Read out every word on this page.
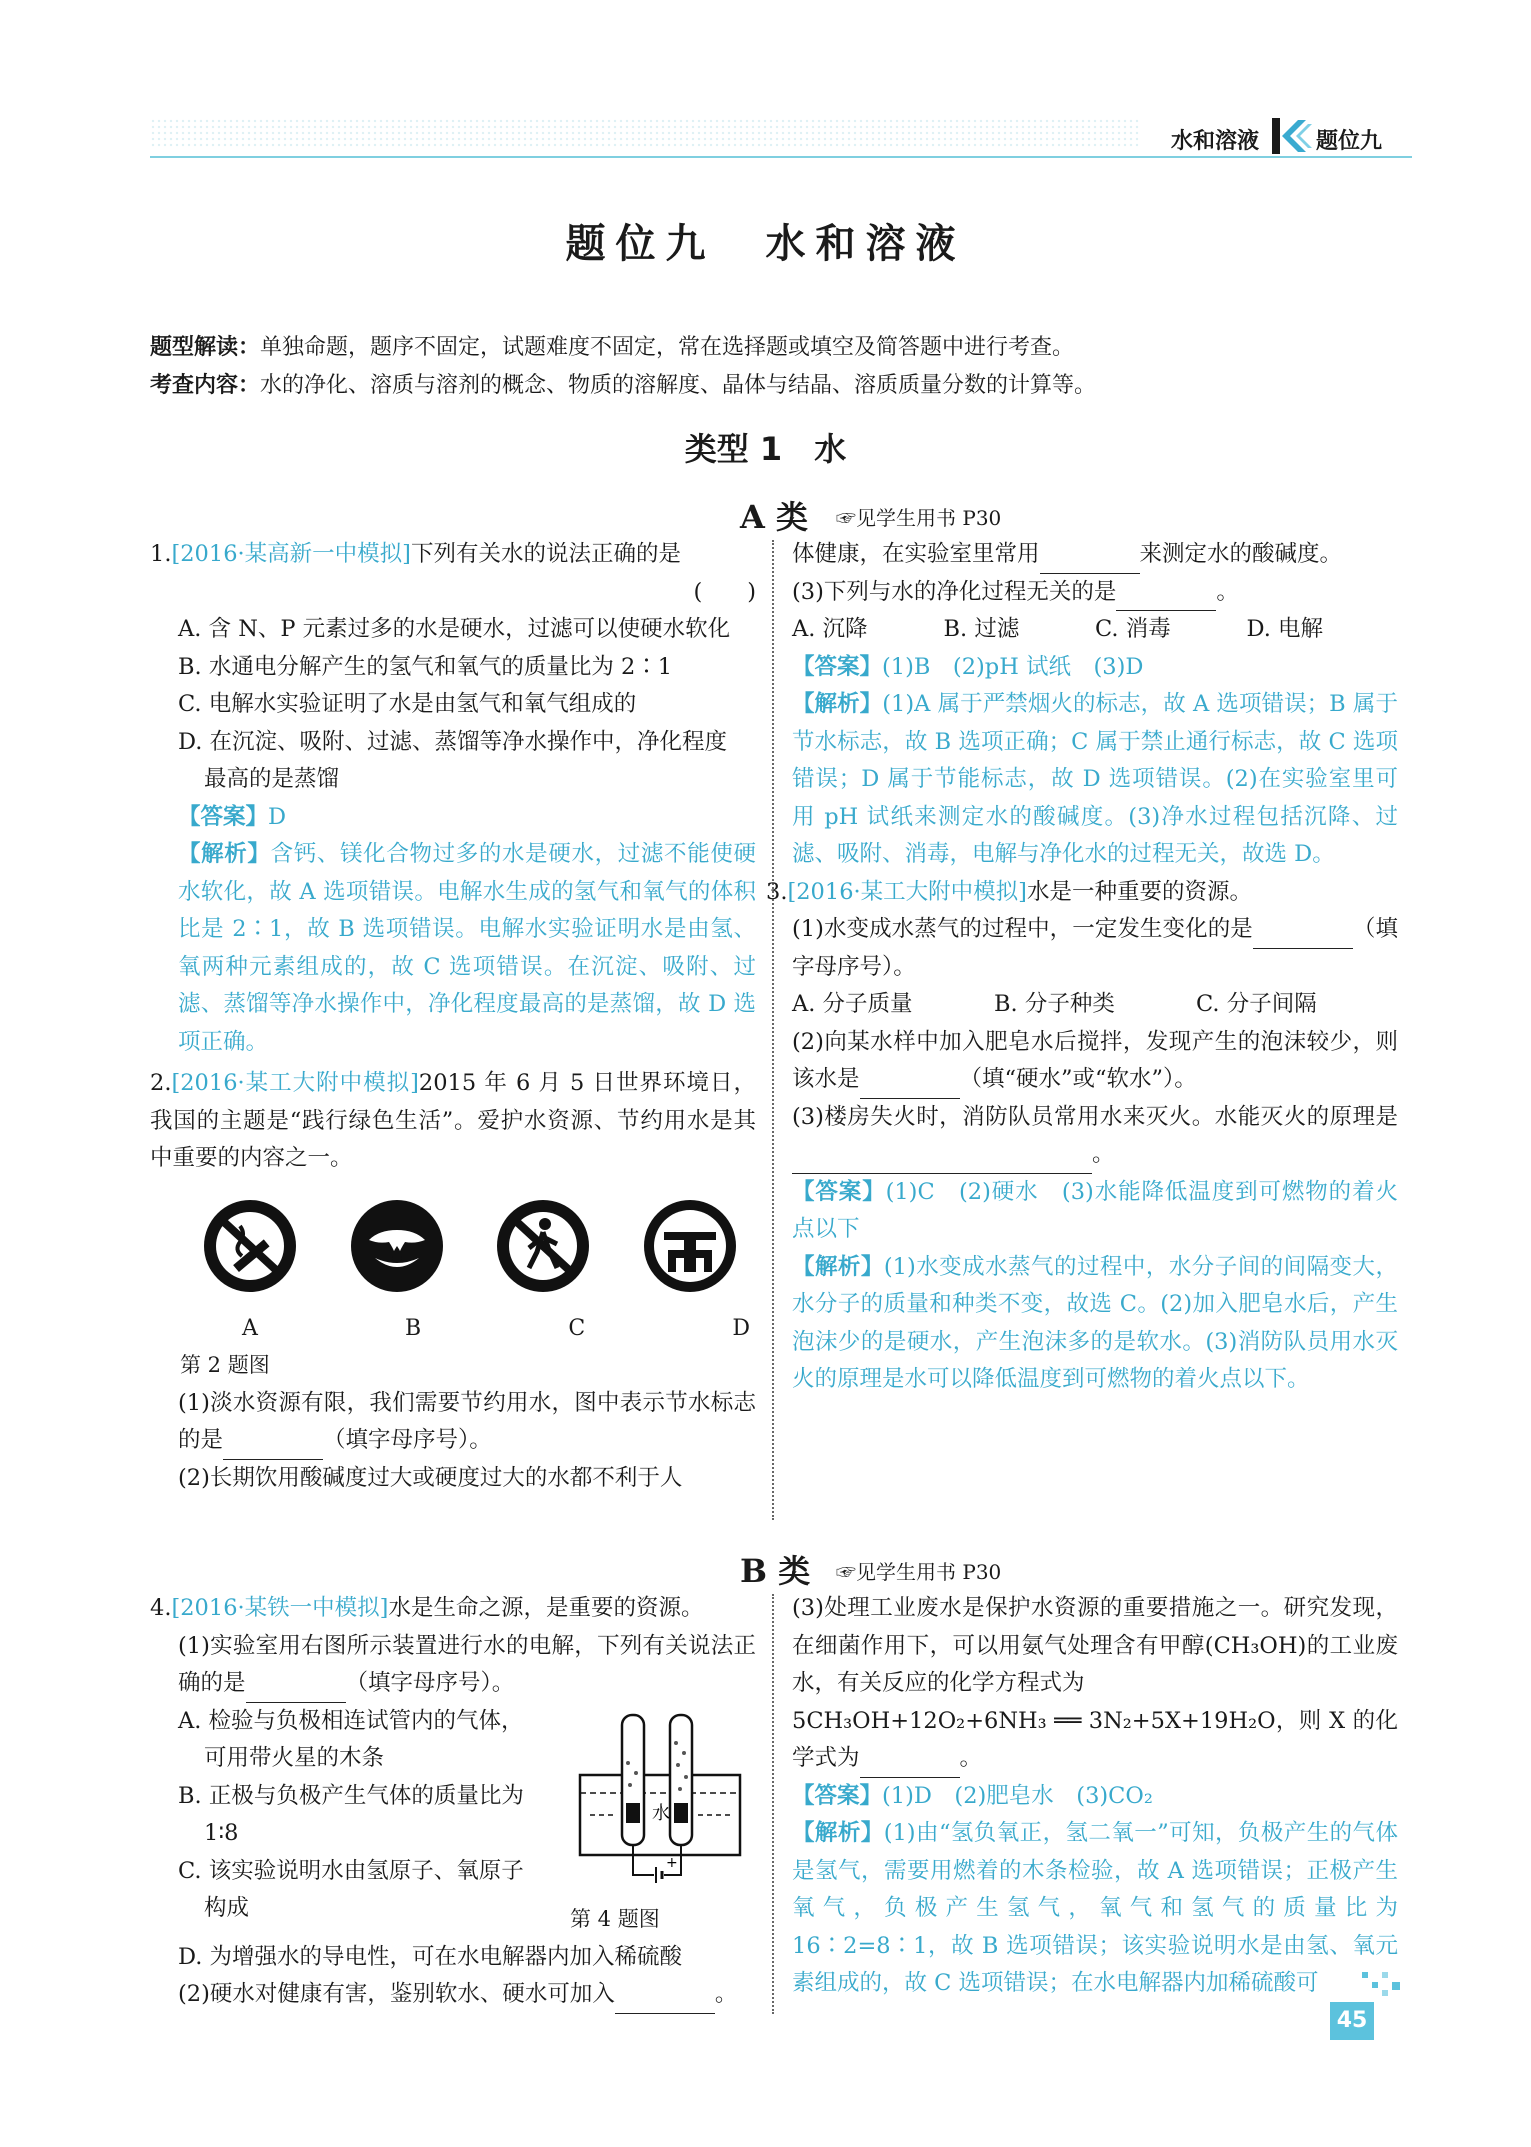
水和溶液	题位九
题位九　水和溶液
题型解读：单独命题，题序不固定，试题难度不固定，常在选择题或填空及简答题中进行考查。
考查内容：水的净化、溶质与溶剂的概念、物质的溶解度、晶体与结晶、溶质质量分数的计算等。
类型 1　水
A 类 ☞见学生用书 P30

1.[2016·某高新一中模拟]下列有关水的说法正确的是

(　　)

A. 含 N、P 元素过多的水是硬水，过滤可以使硬水软化

B. 水通电分解产生的氢气和氧气的质量比为 2∶1

C. 电解水实验证明了水是由氢气和氧气组成的

D. 在沉淀、吸附、过滤、蒸馏等净水操作中，净化程度

最高的是蒸馏

【答案】D

【解析】含钙、镁化合物过多的水是硬水，过滤不能使硬水软化，故 A 选项错误。电解水生成的氢气和氧气的体积比是 2∶1，故 B 选项错误。电解水实验证明水是由氢、氧两种元素组成的，故 C 选项错误。在沉淀、吸附、过滤、蒸馏等净水操作中，净化程度最高的是蒸馏，故 D 选项正确。

2.[2016·某工大附中模拟]2015 年 6 月 5 日世界环境日，我国的主题是“践行绿色生活”。爱护水资源、节约用水是其中重要的内容之一。

A	B	C	D

第 2 题图

(1)淡水资源有限，我们需要节约用水，图中表示节水标志的是	（填字母序号）。

(2)长期饮用酸碱度过大或硬度过大的水都不利于人

体健康，在实验室里常用	来测定水的酸碱度。

(3)下列与水的净化过程无关的是	。

A. 沉降	B. 过滤	C. 消毒	D. 电解

【答案】(1)B　(2)pH 试纸　(3)D

【解析】(1)A 属于严禁烟火的标志，故 A 选项错误；B 属于节水标志，故 B 选项正确；C 属于禁止通行标志，故 C 选项错误；D 属于节能标志，故 D 选项错误。(2)在实验室里可用 pH 试纸来测定水的酸碱度。(3)净水过程包括沉降、过滤、吸附、消毒，电解与净化水的过程无关，故选 D。

3.[2016·某工大附中模拟]水是一种重要的资源。

(1)水变成水蒸气的过程中，一定发生变化的是	（填字母序号）。

A. 分子质量	B. 分子种类	C. 分子间隔

(2)向某水样中加入肥皂水后搅拌，发现产生的泡沫较少，则该水是	（填“硬水”或“软水”）。

(3)楼房失火时，消防队员常用水来灭火。水能灭火的原理是。

【答案】(1)C　(2)硬水　(3)水能降低温度到可燃物的着火点以下

【解析】(1)水变成水蒸气的过程中，水分子间的间隔变大，水分子的质量和种类不变，故选 C。(2)加入肥皂水后，产生泡沫少的是硬水，产生泡沫多的是软水。(3)消防队员用水灭火的原理是水可以降低温度到可燃物的着火点以下。

B 类 ☞见学生用书 P30

4.[2016·某铁一中模拟]水是生命之源，是重要的资源。

(1)实验室用右图所示装置进行水的电解，下列有关说法正确的是	（填字母序号）。

A. 检验与负极相连试管内的气体，

可用带火星的木条

B. 正极与负极产生气体的质量比为

1∶8

C. 该实验说明水由氢原子、氧原子

构成

水
+

第 4 题图

D. 为增强水的导电性，可在水电解器内加入稀硫酸

(2)硬水对健康有害，鉴别软水、硬水可加入	。

(3)处理工业废水是保护水资源的重要措施之一。研究发现，在细菌作用下，可以用氨气处理含有甲醇(CH₃OH)的工业废水，有关反应的化学方程式为

5CH₃OH+12O₂+6NH₃ ══ 3N₂+5X+19H₂O，则 X 的化学式为	。

【答案】(1)D　(2)肥皂水　(3)CO₂

【解析】(1)由“氢负氧正，氢二氧一”可知，负极产生的气体是氢气，需要用燃着的木条检验，故 A 选项错误；正极产生氧气，负极产生氢气，氧气和氢气的质量比为 16∶2=8∶1，故 B 选项错误；该实验说明水是由氢、氧元素组成的，故 C 选项错误；在水电解器内加稀硫酸可

45
